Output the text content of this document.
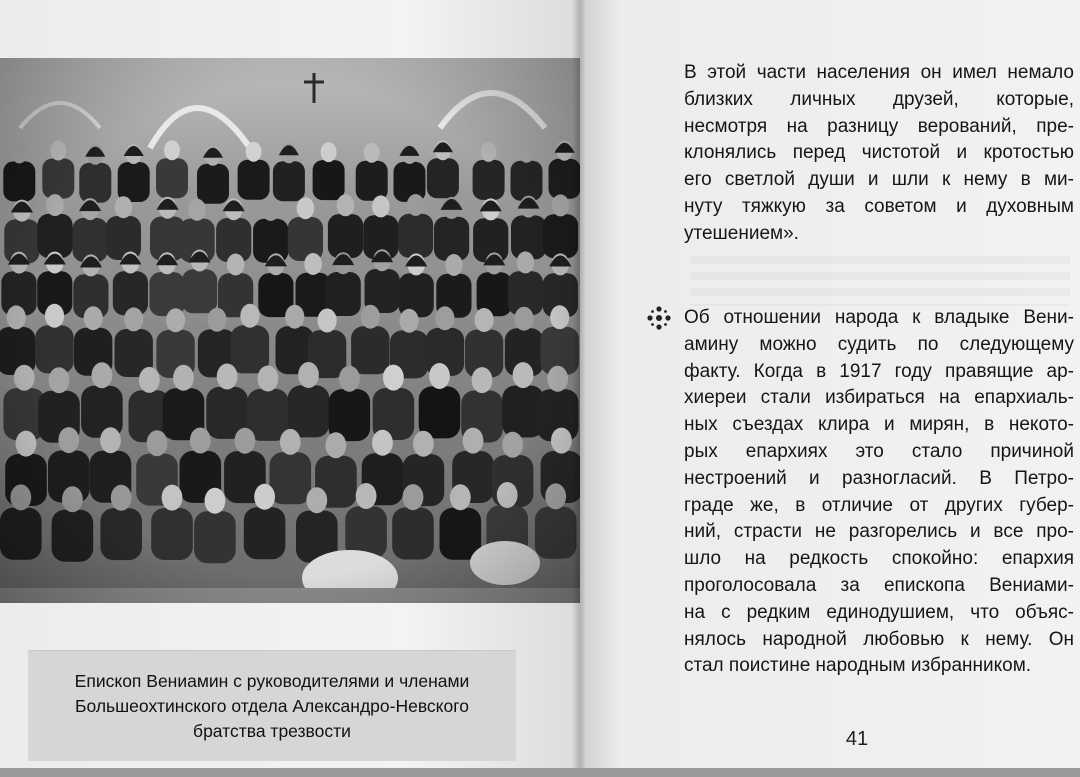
Епископ Вениамин с руководителями и членами
Большеохтинского отдела Александро-Невского
братства трезвости
В этой части населения он имел немало
близких личных друзей, которые,
несмотря на разницу верований, пре-
клонялись перед чистотой и кротостью
его светлой души и шли к нему в ми-
нуту тяжкую за советом и духовным
утешением».
Об отношении народа к владыке Вени-
амину можно судить по следующему
факту. Когда в 1917 году правящие ар-
хиереи стали избираться на епархиаль-
ных съездах клира и мирян, в некото-
рых епархиях это стало причиной
нестроений и разногласий. В Петро-
граде же, в отличие от других губер-
ний, страсти не разгорелись и все про-
шло на редкость спокойно: епархия
проголосовала за епископа Вениами-
на с редким единодушием, что объяс-
нялось народной любовью к нему. Он
стал поистине народным избранником.
41
